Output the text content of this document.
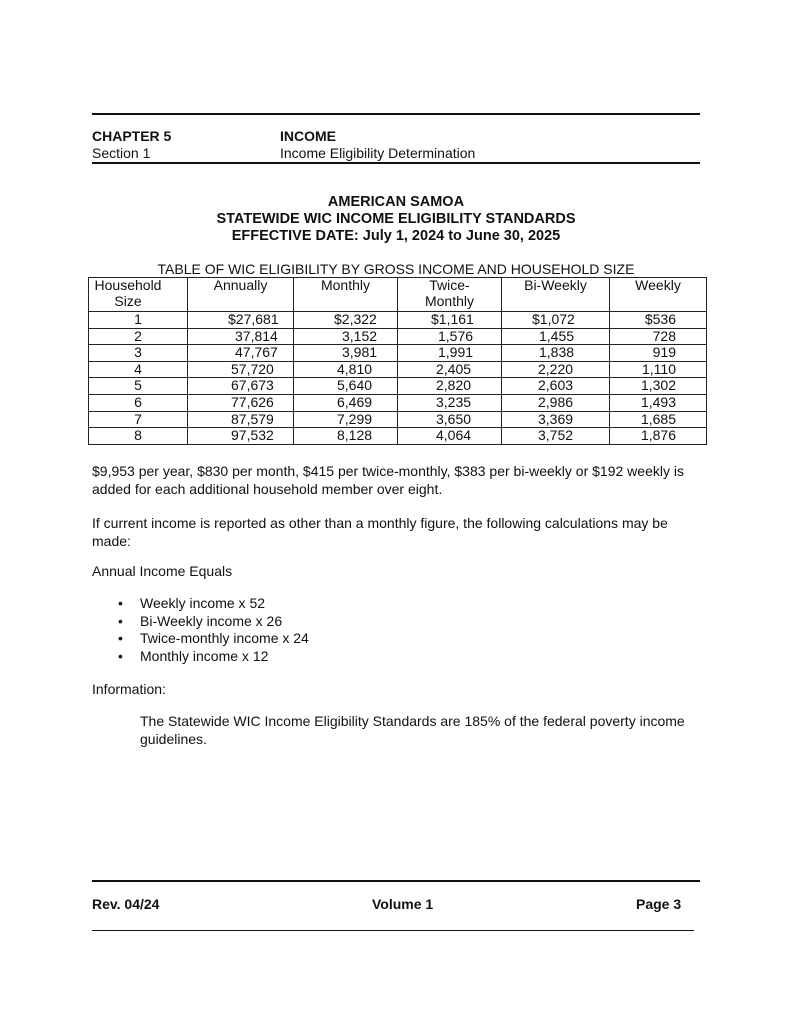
CHAPTER 5	INCOME
Section 1	Income Eligibility Determination
AMERICAN SAMOA
STATEWIDE WIC INCOME ELIGIBILITY STANDARDS
EFFECTIVE DATE: July 1, 2024 to June 30, 2025
TABLE OF WIC ELIGIBILITY BY GROSS INCOME AND HOUSEHOLD SIZE
Household Size	Annually	Monthly	Twice-Monthly	Bi-Weekly	Weekly
1	$27,681	$2,322	$1,161	$1,072	$536
2	37,814	3,152	1,576	1,455	728
3	47,767	3,981	1,991	1,838	919
4	57,720	4,810	2,405	2,220	1,110
5	67,673	5,640	2,820	2,603	1,302
6	77,626	6,469	3,235	2,986	1,493
7	87,579	7,299	3,650	3,369	1,685
8	97,532	8,128	4,064	3,752	1,876
$9,953 per year, $830 per month, $415 per twice-monthly, $383 per bi-weekly or $192 weekly is added for each additional household member over eight.
If current income is reported as other than a monthly figure, the following calculations may be made:
Annual Income Equals
• Weekly income x 52
• Bi-Weekly income x 26
• Twice-monthly income x 24
• Monthly income x 12
Information:
The Statewide WIC Income Eligibility Standards are 185% of the federal poverty income guidelines.
Rev. 04/24	Volume 1	Page 3
